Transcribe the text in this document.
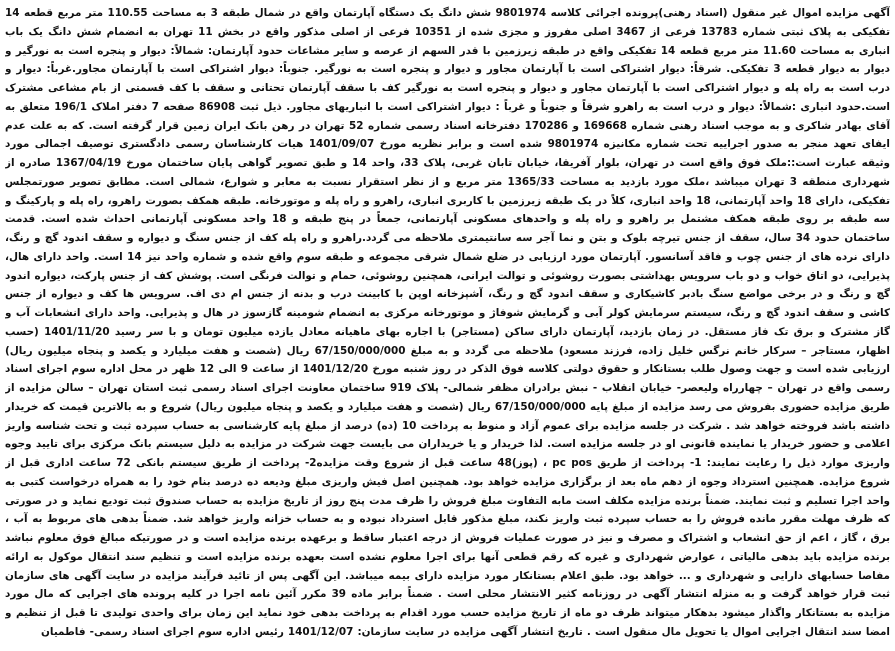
آگهی مزایده اموال غیر منقول (اسناد رهنی)پرونده اجرائی کلاسه 9801974 شش دانگ یک دستگاه آپارتمان واقع در شمال طبقه 3 به مساحت 110.55 متر مربع قطعه 14 تفکیکی به پلاک ثبتی شماره 13783 فرعی از 3467 اصلی مفروز و مجزی شده از 10351 فرعی از اصلی مذکور واقع در بخش 11 تهران به انضمام شش دانگ یک باب انباری به مساحت 11.60 متر مربع قطعه 14 تفکیکی واقع در طبقه زیرزمین با قدر السهم از عرصه و سایر مشاعات حدود آپارتمان: شمالاً: دیوار و پنجره است به نورگیر و دیوار به دیوار قطعه 3 تفکیکی. شرقاً: دیوار اشتراکی است با آپارتمان مجاور و دیوار و پنجره است به نورگیر. جنوباً: دیوار اشتراکی است با آپارتمان مجاور.غرباً: دیوار و درب است به راه پله و دیوار اشتراکی است با آپارتمان مجاور و دیوار و پنجره است به نورگیر کف با سقف آپارتمان تحتانی و سقف با کف قسمتی از بام مشاعی مشترک است.حدود انباری :شمالاً: دیوار و درب است به راهرو شرقاً و جنوباً و غرباً : دیوار اشتراکی است با انباریهای مجاور. ذیل ثبت 86908 صفحه 7 دفتر املاک 196/1 متعلق به آقای بهادر شاکری و به موجب اسناد رهنی شماره 169668 و 170286 دفترخانه اسناد رسمی شماره 52 تهران در رهن بانک ایران زمین قرار گرفته است. که به علت عدم ایفای تعهد منجر به صدور اجراییه تحت شماره مکانیزه 9801974 شده است و برابر نظریه مورخ 1401/09/07 هیات کارشناسان رسمی دادگستری توصیف اجمالی مورد وثیقه عبارت است::ملک فوق واقع است در تهران، بلوار آفریقا، خیابان تابان غربی، پلاک 33، واحد 14 و طبق تصویر گواهی پایان ساختمان مورخ 1367/04/19 صادره از شهرداری منطقه 3 تهران میباشد ،ملک مورد بازدید به مساحت 1365/33 متر مربع و از نظر استقرار نسبت به معابر و شوارع، شمالی است. مطابق تصویر صورتمجلس تفکیکی، دارای 18 واحد آپارتمانی، 18 واحد انباری، کلاً در یک طبقه زیرزمین با کاربری انباری، راهرو و راه پله و موتورخانه. طبقه همکف بصورت راهرو، راه پله و پارکینگ و سه طبقه بر روی طبقه همکف مشتمل بر راهرو و راه پله و واحدهای مسکونی آپارتمانی، جمعاً در پنج طبقه و 18 واحد مسکونی آپارتمانی احداث شده است. قدمت ساختمان حدود 34 سال، سقف از جنس تیرچه بلوک و بتن و نما آجر سه سانتیمتری ملاحظه می گردد.راهرو و راه پله کف از جنس سنگ و دیواره و سقف اندود گچ و رنگ، دارای نرده های از جنس چوب و فاقد آسانسور. آپارتمان مورد ارزیابی در ضلع شمال شرقی مجموعه و طبقه سوم واقع شده و شماره واحد نیز 14 است. واحد دارای هال، پذیرایی، دو اتاق خواب و دو باب سرویس بهداشتی بصورت روشوئی و توالت ایرانی، همچنین روشوئی، حمام و توالت فرنگی است. پوشش کف از جنس پارکت، دیواره اندود گچ و رنگ و در برخی مواضع سنگ بادبر کاشیکاری و سقف اندود گچ و رنگ، آشپزخانه اوپن با کابینت درب و بدنه از جنس ام دی اف. سرویس ها کف و دیواره از جنس کاشی و سقف اندود گچ و رنگ، سیستم سرمایش کولر آبی و گرمایش شوفاژ و موتورخانه مرکزی به انضمام شومینه گازسوز در هال و پذیرایی. واحد دارای انشعابات آب و گاز مشترک و برق تک فاز مستقل. در زمان بازدید، آپارتمان دارای ساکن (مستاجر) با اجاره بهای ماهیانه معادل یازده میلیون تومان و با سر رسید 1401/11/20 (حسب اظهار، مستاجر – سرکار خانم نرگس خلیل زاده، فرزند مسعود) ملاحظه می گردد و به مبلغ 67/150/000/000 ریال (شصت و هفت میلیارد و یکصد و پنجاه میلیون ریال) ارزیابی شده است و جهت وصول طلب بستانکار و حقوق دولتی کلاسه فوق الذکر در روز شنبه مورخ 1401/12/20 از ساعت 9 الی 12 ظهر در محل اداره سوم اجرای اسناد رسمی واقع در تهران – چهارراه ولیعصر- خیابان انقلاب - نبش برادران مظفر شمالی- پلاک 919 ساختمان معاونت اجرای اسناد رسمی ثبت استان تهران – سالن مزایده از طریق مزایده حضوری بفروش می رسد مزایده از مبلغ پایه 67/150/000/000 ریال (شصت و هفت میلیارد و یکصد و پنجاه میلیون ریال) شروع و به بالاترین قیمت که خریدار داشته باشد فروخته خواهد شد . شرکت در جلسه مزایده برای عموم آزاد و منوط به پرداخت 10 (ده) درصد از مبلغ پایه کارشناسی به حساب سپرده ثبت و تحت شناسه واریز اعلامی و حضور خریدار یا نماینده قانونی او در جلسه مزایده است. لذا خریدار و یا خریداران می بایست جهت شرکت در مزایده به دلیل سیستم بانک مرکزی برای تایید وجوه واریزی موارد ذیل را رعایت نمایند: 1- پرداخت از طریق pc pos ، (پوز)48 ساعت قبل از شروع وقت مزایده2- پرداخت از طریق سیستم بانکی 72 ساعت اداری قبل از شروع مزایده. همچنین استرداد وجوه از دهم ماه بعد از برگزاری مزایده خواهد بود. همچنین اصل فیش واریزی مبلغ ودیعه ده درصد بنام خود را به همراه درخواست کتبی به واحد اجرا تسلیم و ثبت نمایند. ضمناً برنده مزایده مکلف است مابه التفاوت مبلغ فروش را ظرف مدت پنج روز از تاریخ مزایده به حساب صندوق ثبت تودیع نماید و در صورتی که ظرف مهلت مقرر مانده فروش را به حساب سپرده ثبت واریز نکند، مبلغ مذکور قابل استرداد نبوده و به حساب خزانه واریز خواهد شد. ضمناً بدهی های مربوط به آب ، برق ، گاز ، اعم از حق انشعاب و اشتراک و مصرف و نیز در صورت عملیات فروش از درجه اعتبار ساقط و برعهده برنده مزایده است و در صورتیکه مبالغ فوق معلوم نباشد برنده مزایده باید بدهی مالیاتی ، عوارض شهرداری و غیره که رقم قطعی آنها برای اجرا معلوم نشده است بعهده برنده مزایده است و تنظیم سند انتقال موکول به ارائه مفاصا حسابهای دارایی و شهرداری و ... خواهد بود. طبق اعلام بستانکار مورد مزایده دارای بیمه میباشد. این آگهی پس از تائید فرآیند مزایده در سایت آگهی های سازمان ثبت قرار خواهد گرفت و به منزله انتشار آگهی در روزنامه کثیر الانتشار محلی است . ضمناً برابر ماده 39 مکرر آئین نامه اجرا در کلیه پرونده های اجرایی که مال مورد مزایده به بستانکار واگذار میشود بدهکار میتواند ظرف دو ماه از تاریخ مزایده حسب مورد اقدام به پرداخت بدهی خود نماید این زمان برای واحدی تولیدی تا قبل از تنظیم و امضا سند انتقال اجرایی اموال یا تحویل مال منقول است . تاریخ انتشار آگهی مزایده در سایت سازمان: 1401/12/07 رئیس اداره سوم اجرای اسناد رسمی- فاطمیان
